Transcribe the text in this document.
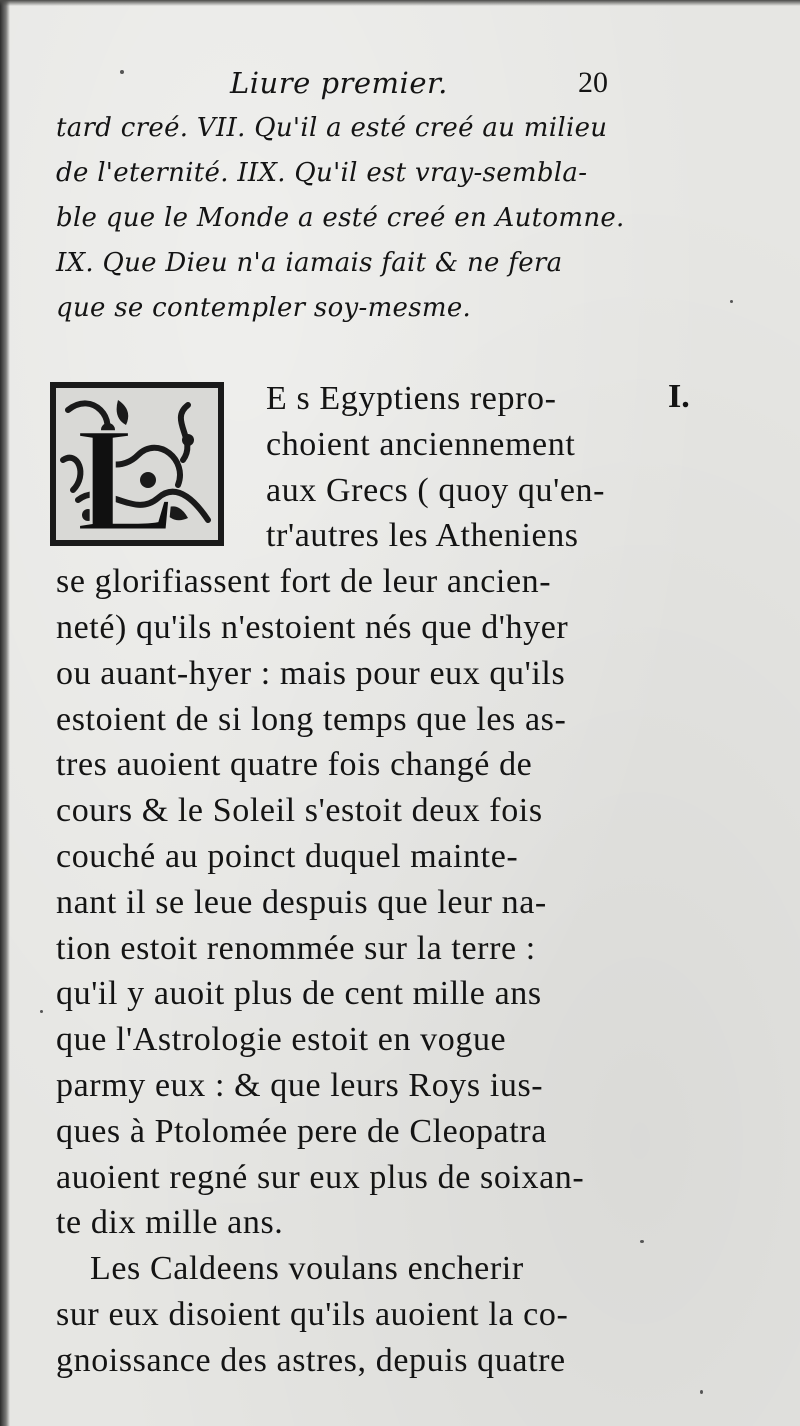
Liure premier.	20
tard creé. VII. Qu'il a esté creé au milieu
de l'eternité. IIX. Qu'il est vray-sembla-
ble que le Monde a esté creé en Automne.
IX. Que Dieu n'a iamais fait & ne fera
que se contempler soy-mesme.
L
I.
E s Egyptiens repro-
choient anciennement
aux Grecs ( quoy qu'en-
tr'autres les Atheniens
se glorifiassent fort de leur ancien-
neté) qu'ils n'estoient nés que d'hyer
ou auant-hyer : mais pour eux qu'ils
estoient de si long temps que les as-
tres auoient quatre fois changé de
cours & le Soleil s'estoit deux fois
couché au poinct duquel mainte-
nant il se leue despuis que leur na-
tion estoit renommée sur la terre :
qu'il y auoit plus de cent mille ans
que l'Astrologie estoit en vogue
parmy eux : & que leurs Roys ius-
ques à Ptolomée pere de Cleopatra
auoient regné sur eux plus de soixan-
te dix mille ans.
Les Caldeens voulans encherir
sur eux disoient qu'ils auoient la co-
gnoissance des astres, depuis quatre
